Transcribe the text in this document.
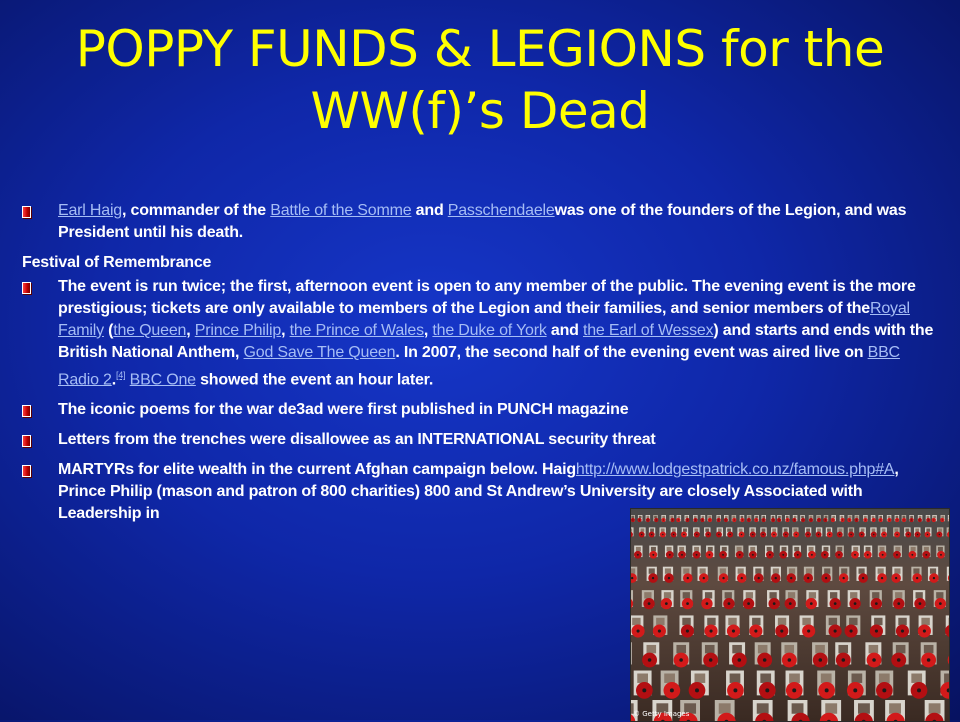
POPPY FUNDS & LEGIONS for the
WW(f)’s Dead
Earl Haig, commander of the Battle of the Somme and Passchendaelewas one of the founders of the Legion, and was President until his death.
Festival of Remembrance
The event is run twice; the first, afternoon event is open to any member of the public. The evening event is the more prestigious; tickets are only available to members of the Legion and their families, and senior members of theRoyal Family (the Queen, Prince Philip, the Prince of Wales, the Duke of York and the Earl of Wessex) and starts and ends with the British National Anthem, God Save The Queen. In 2007, the second half of the evening event was aired live on BBC Radio 2.[4] BBC One showed the event an hour later.
The iconic poems for the war de3ad were first published in PUNCH magazine
Letters from the trenches were disallowee as an INTERNATIONAL security threat
MARTYRs for elite wealth in the current Afghan campaign below. Haighttp://www.lodgestpatrick.co.nz/famous.php#A, Prince Philip (mason and patron of 800 charities) 800 and St Andrew’s University are closely Associated with Leadership in
© Getty Images
